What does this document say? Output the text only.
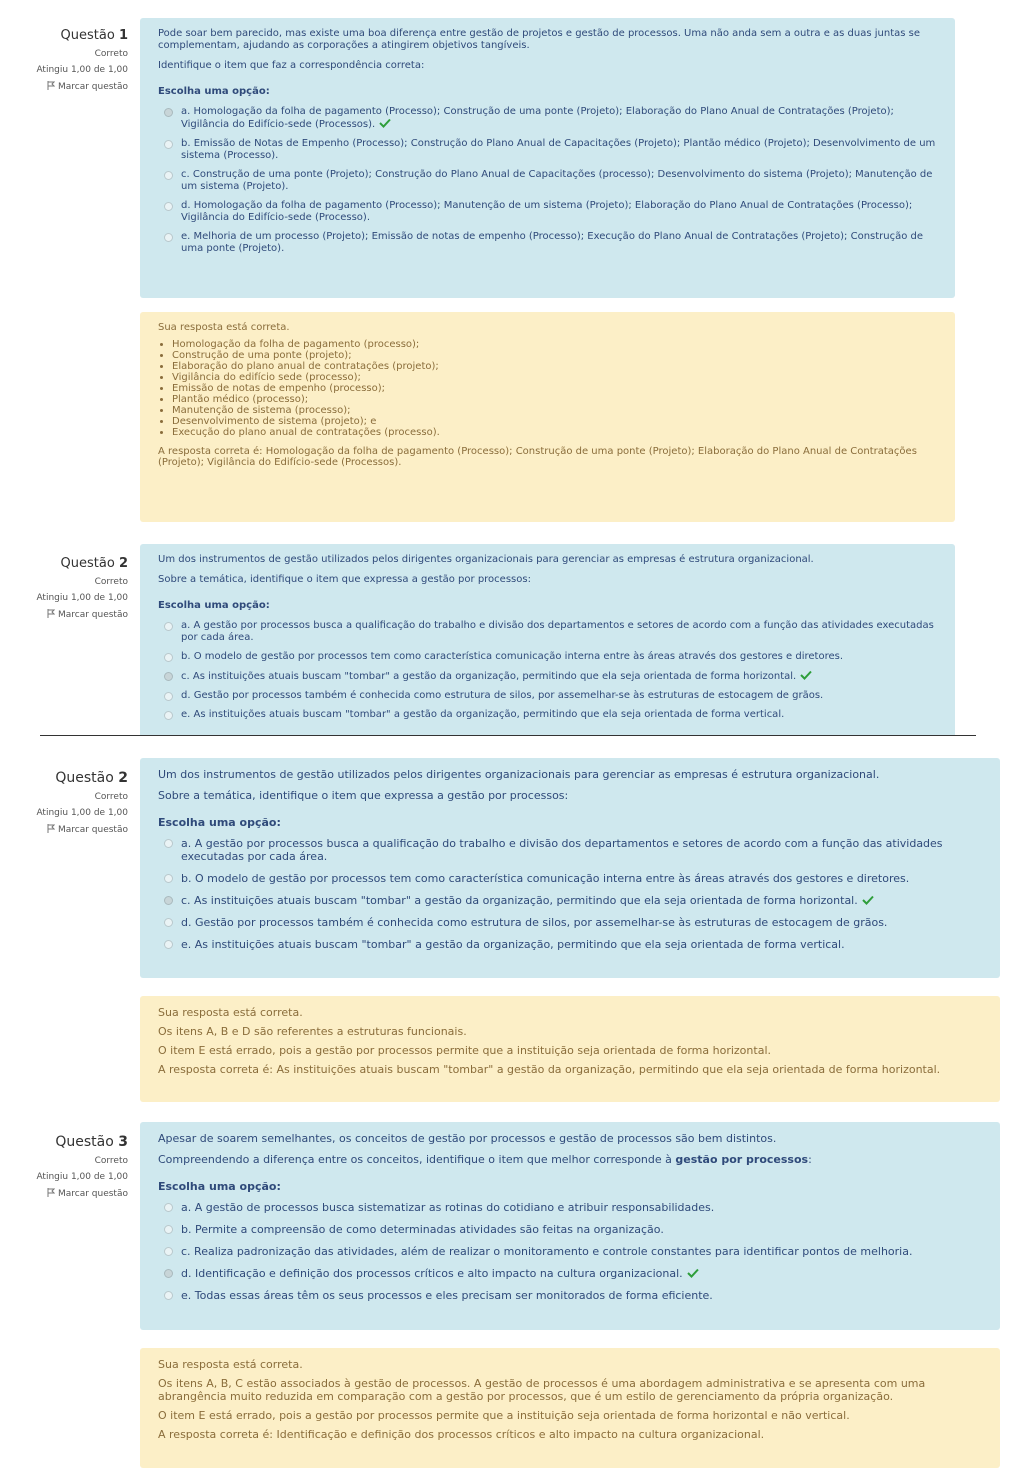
Questão 1
Correto
Atingiu 1,00 de 1,00
Marcar questão

Pode soar bem parecido, mas existe uma boa diferença entre gestão de projetos e gestão de processos. Uma não anda sem a outra e as duas juntas se complementam, ajudando as corporações a atingirem objetivos tangíveis.

Identifique o item que faz a correspondência correta:

Escolha uma opção:
a. Homologação da folha de pagamento (Processo); Construção de uma ponte (Projeto); Elaboração do Plano Anual de Contratações (Projeto); Vigilância do Edifício-sede (Processos).
b. Emissão de Notas de Empenho (Processo); Construção do Plano Anual de Capacitações (Projeto); Plantão médico (Projeto); Desenvolvimento de um sistema (Processo).
c. Construção de uma ponte (Projeto); Construção do Plano Anual de Capacitações (processo); Desenvolvimento do sistema (Projeto); Manutenção de um sistema (Projeto).
d. Homologação da folha de pagamento (Processo); Manutenção de um sistema (Projeto); Elaboração do Plano Anual de Contratações (Processo); Vigilância do Edifício-sede (Processo).
e. Melhoria de um processo (Projeto); Emissão de notas de empenho (Processo); Execução do Plano Anual de Contratações (Projeto); Construção de uma ponte (Projeto).

Sua resposta está correta.

• Homologação da folha de pagamento (processo);
• Construção de uma ponte (projeto);
• Elaboração do plano anual de contratações (projeto);
• Vigilância do edifício sede (processo);
• Emissão de notas de empenho (processo);
• Plantão médico (processo);
• Manutenção de sistema (processo);
• Desenvolvimento de sistema (projeto); e
• Execução do plano anual de contratações (processo).

A resposta correta é: Homologação da folha de pagamento (Processo); Construção de uma ponte (Projeto); Elaboração do Plano Anual de Contratações (Projeto); Vigilância do Edifício-sede (Processos).

Questão 2
Correto
Atingiu 1,00 de 1,00
Marcar questão

Um dos instrumentos de gestão utilizados pelos dirigentes organizacionais para gerenciar as empresas é estrutura organizacional.

Sobre a temática, identifique o item que expressa a gestão por processos:

Escolha uma opção:
a. A gestão por processos busca a qualificação do trabalho e divisão dos departamentos e setores de acordo com a função das atividades executadas por cada área.
b. O modelo de gestão por processos tem como característica comunicação interna entre às áreas através dos gestores e diretores.
c. As instituições atuais buscam "tombar" a gestão da organização, permitindo que ela seja orientada de forma horizontal.
d. Gestão por processos também é conhecida como estrutura de silos, por assemelhar-se às estruturas de estocagem de grãos.
e. As instituições atuais buscam "tombar" a gestão da organização, permitindo que ela seja orientada de forma vertical.
Questão 2
Correto
Atingiu 1,00 de 1,00
Marcar questão

Um dos instrumentos de gestão utilizados pelos dirigentes organizacionais para gerenciar as empresas é estrutura organizacional.

Sobre a temática, identifique o item que expressa a gestão por processos:

Escolha uma opção:
a. A gestão por processos busca a qualificação do trabalho e divisão dos departamentos e setores de acordo com a função das atividades executadas por cada área.
b. O modelo de gestão por processos tem como característica comunicação interna entre às áreas através dos gestores e diretores.
c. As instituições atuais buscam "tombar" a gestão da organização, permitindo que ela seja orientada de forma horizontal.
d. Gestão por processos também é conhecida como estrutura de silos, por assemelhar-se às estruturas de estocagem de grãos.
e. As instituições atuais buscam "tombar" a gestão da organização, permitindo que ela seja orientada de forma vertical.

Sua resposta está correta.

Os itens A, B e D são referentes a estruturas funcionais.

O item E está errado, pois a gestão por processos permite que a instituição seja orientada de forma horizontal.

A resposta correta é: As instituições atuais buscam "tombar" a gestão da organização, permitindo que ela seja orientada de forma horizontal.

Questão 3
Correto
Atingiu 1,00 de 1,00
Marcar questão

Apesar de soarem semelhantes, os conceitos de gestão por processos e gestão de processos são bem distintos.

Compreendendo a diferença entre os conceitos, identifique o item que melhor corresponde à gestão por processos:

Escolha uma opção:
a. A gestão de processos busca sistematizar as rotinas do cotidiano e atribuir responsabilidades.
b. Permite a compreensão de como determinadas atividades são feitas na organização.
c. Realiza padronização das atividades, além de realizar o monitoramento e controle constantes para identificar pontos de melhoria.
d. Identificação e definição dos processos críticos e alto impacto na cultura organizacional.
e. Todas essas áreas têm os seus processos e eles precisam ser monitorados de forma eficiente.

Sua resposta está correta.

Os itens A, B, C estão associados à gestão de processos. A gestão de processos é uma abordagem administrativa e se apresenta com uma abrangência muito reduzida em comparação com a gestão por processos, que é um estilo de gerenciamento da própria organização.

O item E está errado, pois a gestão por processos permite que a instituição seja orientada de forma horizontal e não vertical.

A resposta correta é: Identificação e definição dos processos críticos e alto impacto na cultura organizacional.
